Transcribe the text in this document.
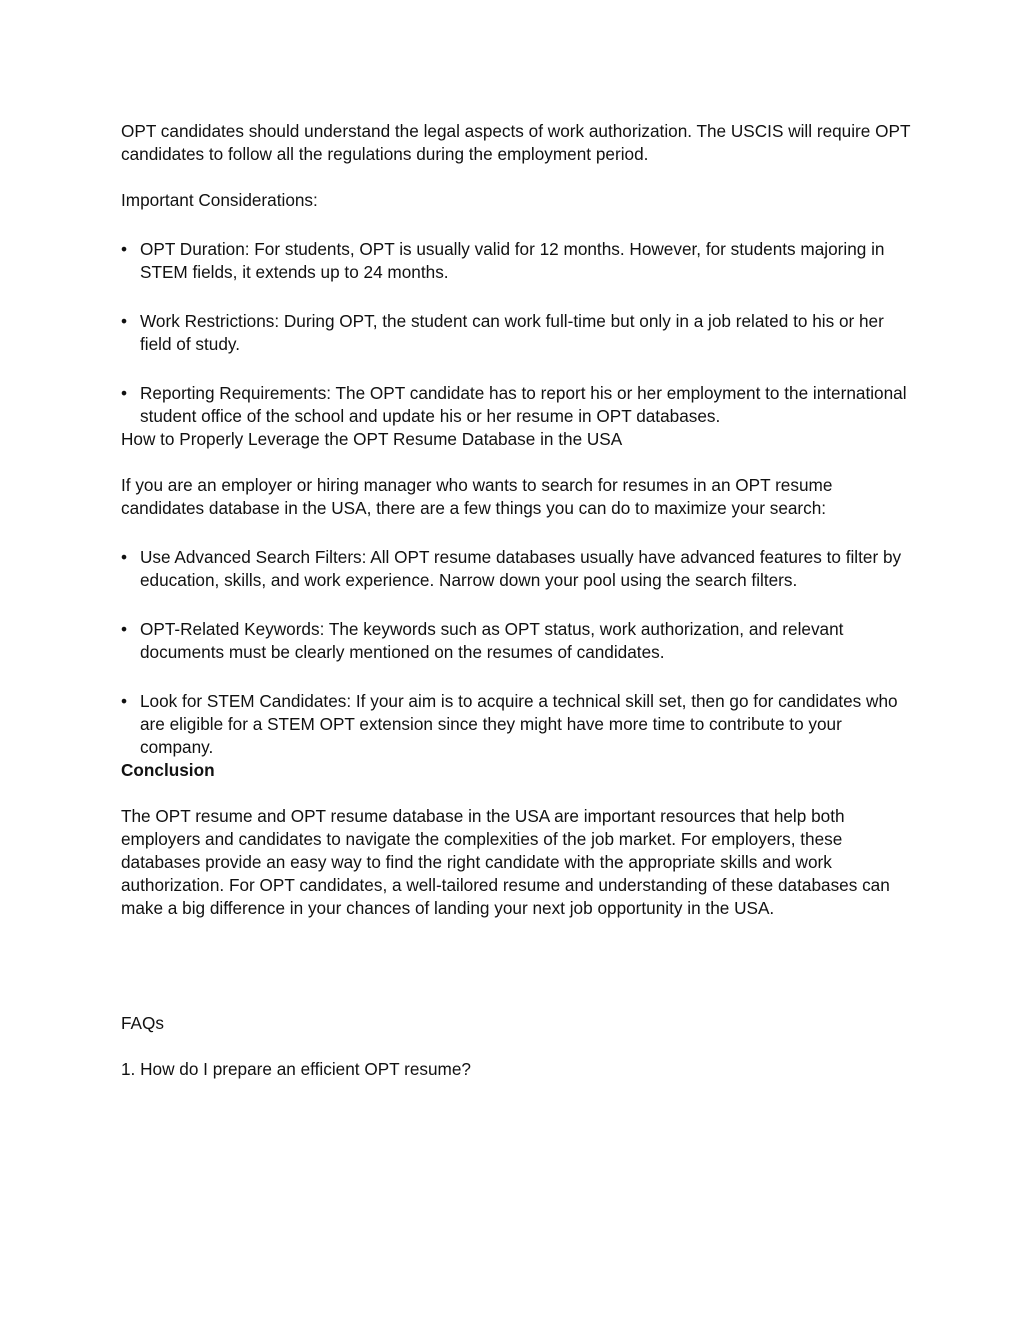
OPT candidates should understand the legal aspects of work authorization. The USCIS will require OPT candidates to follow all the regulations during the employment period.

Important Considerations:

• OPT Duration: For students, OPT is usually valid for 12 months. However, for students majoring in STEM fields, it extends up to 24 months.
• Work Restrictions: During OPT, the student can work full-time but only in a job related to his or her field of study.
• Reporting Requirements: The OPT candidate has to report his or her employment to the international student office of the school and update his or her resume in OPT databases.

How to Properly Leverage the OPT Resume Database in the USA

If you are an employer or hiring manager who wants to search for resumes in an OPT resume candidates database in the USA, there are a few things you can do to maximize your search:

• Use Advanced Search Filters: All OPT resume databases usually have advanced features to filter by education, skills, and work experience. Narrow down your pool using the search filters.
• OPT-Related Keywords: The keywords such as OPT status, work authorization, and relevant documents must be clearly mentioned on the resumes of candidates.
• Look for STEM Candidates: If your aim is to acquire a technical skill set, then go for candidates who are eligible for a STEM OPT extension since they might have more time to contribute to your company.

Conclusion

The OPT resume and OPT resume database in the USA are important resources that help both employers and candidates to navigate the complexities of the job market. For employers, these databases provide an easy way to find the right candidate with the appropriate skills and work authorization. For OPT candidates, a well-tailored resume and understanding of these databases can make a big difference in your chances of landing your next job opportunity in the USA.

FAQs

1. How do I prepare an efficient OPT resume?
